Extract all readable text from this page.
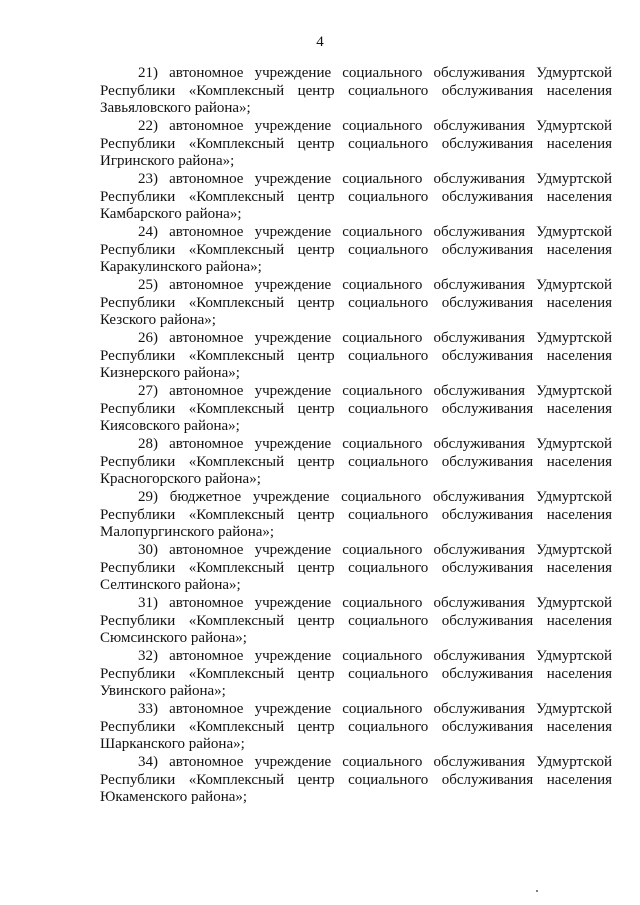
4

21) автономное учреждение социального обслуживания Удмуртской
Республики «Комплексный центр социального обслуживания населения
Завьяловского района»;

22) автономное учреждение социального обслуживания Удмуртской
Республики «Комплексный центр социального обслуживания населения
Игринского района»;

23) автономное учреждение социального обслуживания Удмуртской
Республики «Комплексный центр социального обслуживания населения
Камбарского района»;

24) автономное учреждение социального обслуживания Удмуртской
Республики «Комплексный центр социального обслуживания населения
Каракулинского района»;

25) автономное учреждение социального обслуживания Удмуртской
Республики «Комплексный центр социального обслуживания населения
Кезского района»;

26) автономное учреждение социального обслуживания Удмуртской
Республики «Комплексный центр социального обслуживания населения
Кизнерского района»;

27) автономное учреждение социального обслуживания Удмуртской
Республики «Комплексный центр социального обслуживания населения
Киясовского района»;

28) автономное учреждение социального обслуживания Удмуртской
Республики «Комплексный центр социального обслуживания населения
Красногорского района»;

29) бюджетное учреждение социального обслуживания Удмуртской
Республики «Комплексный центр социального обслуживания населения
Малопургинского района»;

30) автономное учреждение социального обслуживания Удмуртской
Республики «Комплексный центр социального обслуживания населения
Селтинского района»;

31) автономное учреждение социального обслуживания Удмуртской
Республики «Комплексный центр социального обслуживания населения
Сюмсинского района»;

32) автономное учреждение социального обслуживания Удмуртской
Республики «Комплексный центр социального обслуживания населения
Увинского района»;

33) автономное учреждение социального обслуживания Удмуртской
Республики «Комплексный центр социального обслуживания населения
Шарканского района»;

34) автономное учреждение социального обслуживания Удмуртской
Республики «Комплексный центр социального обслуживания населения
Юкаменского района»;
